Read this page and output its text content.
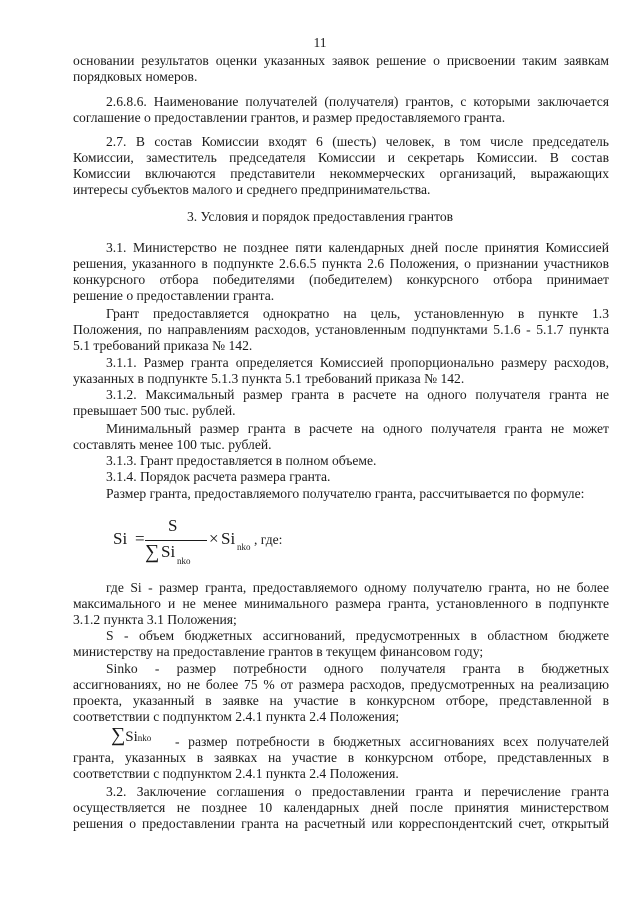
11
основании результатов оценки указанных заявок решение о присвоении таким заявкам
порядковых номеров.
2.6.8.6. Наименование получателей (получателя) грантов, с которыми заключается
соглашение о предоставлении грантов, и размер предоставляемого гранта.
2.7. В состав Комиссии входят 6 (шесть) человек, в том числе председатель
Комиссии, заместитель председателя Комиссии и секретарь Комиссии. В состав
Комиссии включаются представители некоммерческих организаций, выражающих
интересы субъектов малого и среднего предпринимательства.
3. Условия и порядок предоставления грантов
3.1. Министерство не позднее пяти календарных дней после принятия Комиссией
решения, указанного в подпункте 2.6.6.5 пункта 2.6 Положения, о признании участников
конкурсного отбора победителями (победителем) конкурсного отбора принимает
решение о предоставлении гранта.
Грант предоставляется однократно на цель, установленную в пункте 1.3
Положения, по направлениям расходов, установленным подпунктами 5.1.6 - 5.1.7 пункта
5.1 требований приказа № 142.
3.1.1. Размер гранта определяется Комиссией пропорционально размеру расходов,
указанных в подпункте 5.1.3 пункта 5.1 требований приказа № 142.
3.1.2. Максимальный размер гранта в расчете на одного получателя гранта не
превышает 500 тыс. рублей.
Минимальный размер гранта в расчете на одного получателя гранта не может
составлять менее 100 тыс. рублей.
3.1.3. Грант предоставляется в полном объеме.
3.1.4. Порядок расчета размера гранта.
Размер гранта, предоставляемого получателю гранта, рассчитывается по формуле:
Si =
S
∑ Si nko
× Si nko , где:
где Si - размер гранта, предоставляемого одному получателю гранта, но не более
максимального и не менее минимального размера гранта, установленного в подпункте
3.1.2 пункта 3.1 Положения;
S - объем бюджетных ассигнований, предусмотренных в областном бюджете
министерству на предоставление грантов в текущем финансовом году;
Sinko - размер потребности одного получателя гранта в бюджетных
ассигнованиях, но не более 75 % от размера расходов, предусмотренных на реализацию
проекта, указанный в заявке на участие в конкурсном отборе, представленной в
соответствии с подпунктом 2.4.1 пункта 2.4 Положения;
∑Sinko - размер потребности в бюджетных ассигнованиях всех получателей
гранта, указанных в заявках на участие в конкурсном отборе, представленных в
соответствии с подпунктом 2.4.1 пункта 2.4 Положения.
3.2. Заключение соглашения о предоставлении гранта и перечисление гранта
осуществляется не позднее 10 календарных дней после принятия министерством
решения о предоставлении гранта на расчетный или корреспондентский счет, открытый
